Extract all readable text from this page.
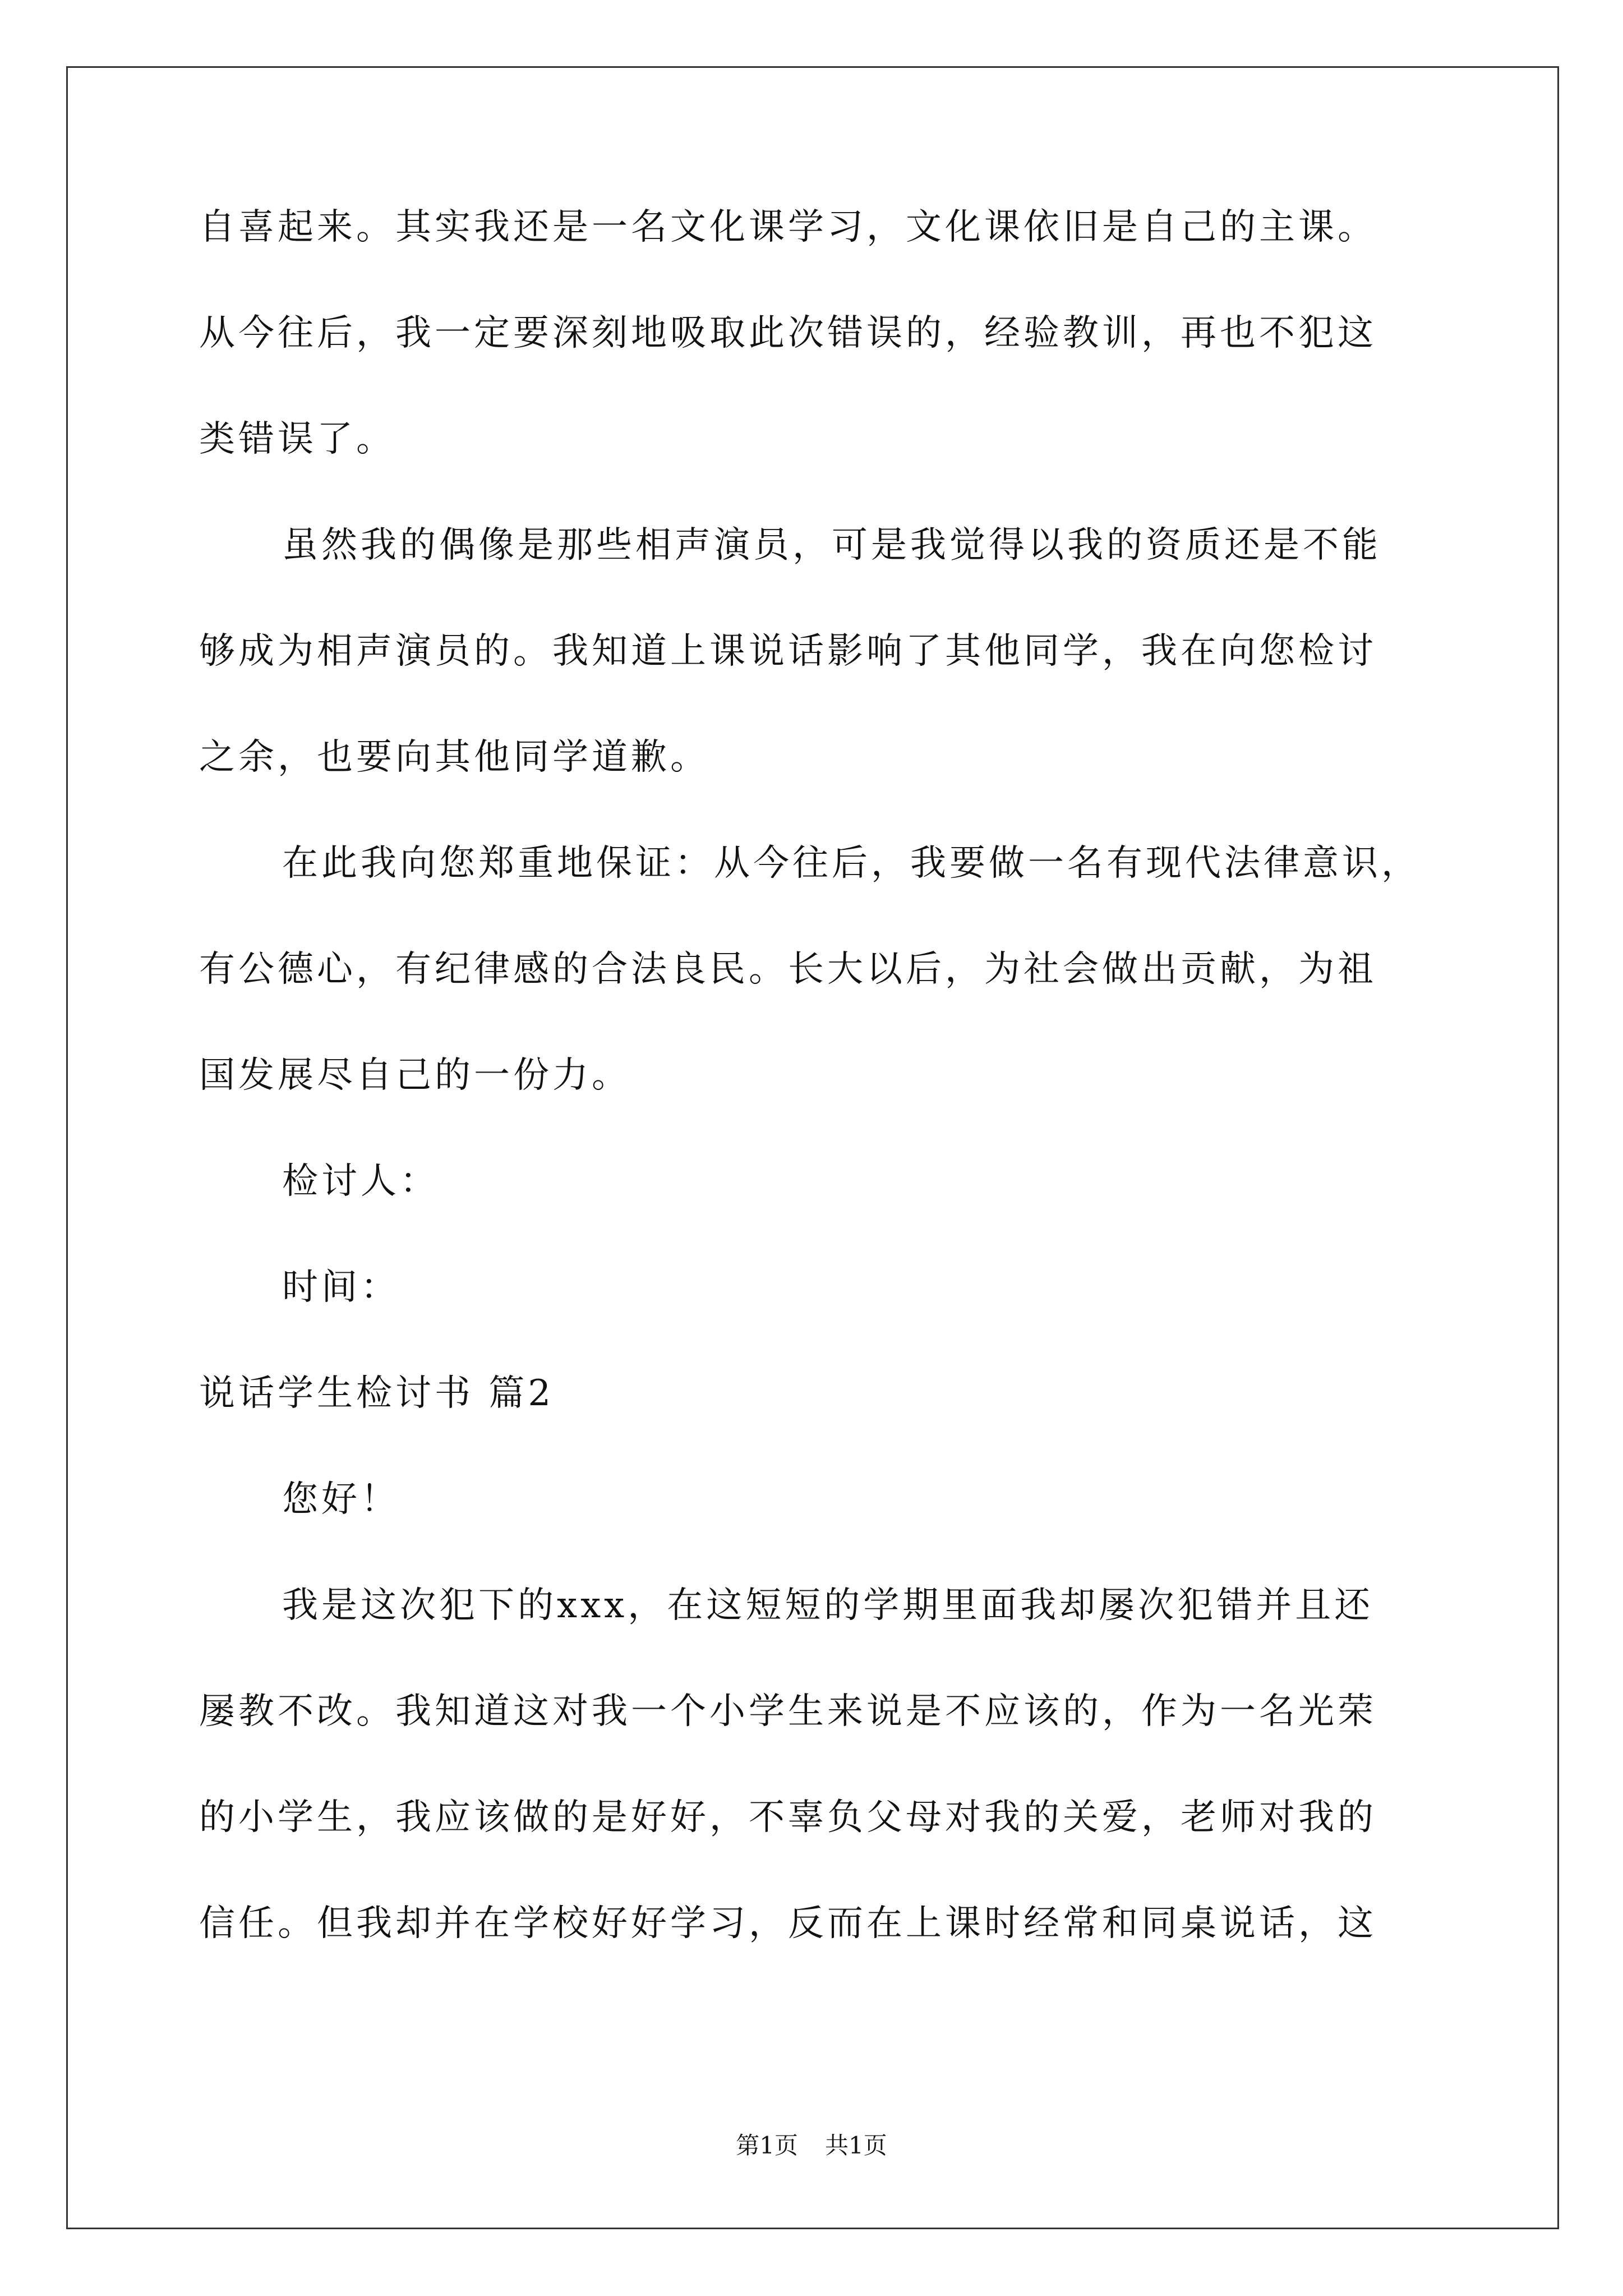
自喜起来。其实我还是一名文化课学习，文化课依旧是自己的主课。
从今往后，我一定要深刻地吸取此次错误的，经验教训，再也不犯这
类错误了。
虽然我的偶像是那些相声演员，可是我觉得以我的资质还是不能
够成为相声演员的。我知道上课说话影响了其他同学，我在向您检讨
之余，也要向其他同学道歉。
在此我向您郑重地保证：从今往后，我要做一名有现代法律意识，
有公德心，有纪律感的合法良民。长大以后，为社会做出贡献，为祖
国发展尽自己的一份力。
检讨人：
时间：
说话学生检讨书 篇2
您好！
我是这次犯下的xxx，在这短短的学期里面我却屡次犯错并且还
屡教不改。我知道这对我一个小学生来说是不应该的，作为一名光荣
的小学生，我应该做的是好好，不辜负父母对我的关爱，老师对我的
信任。但我却并在学校好好学习，反而在上课时经常和同桌说话，这
第1页 共1页
